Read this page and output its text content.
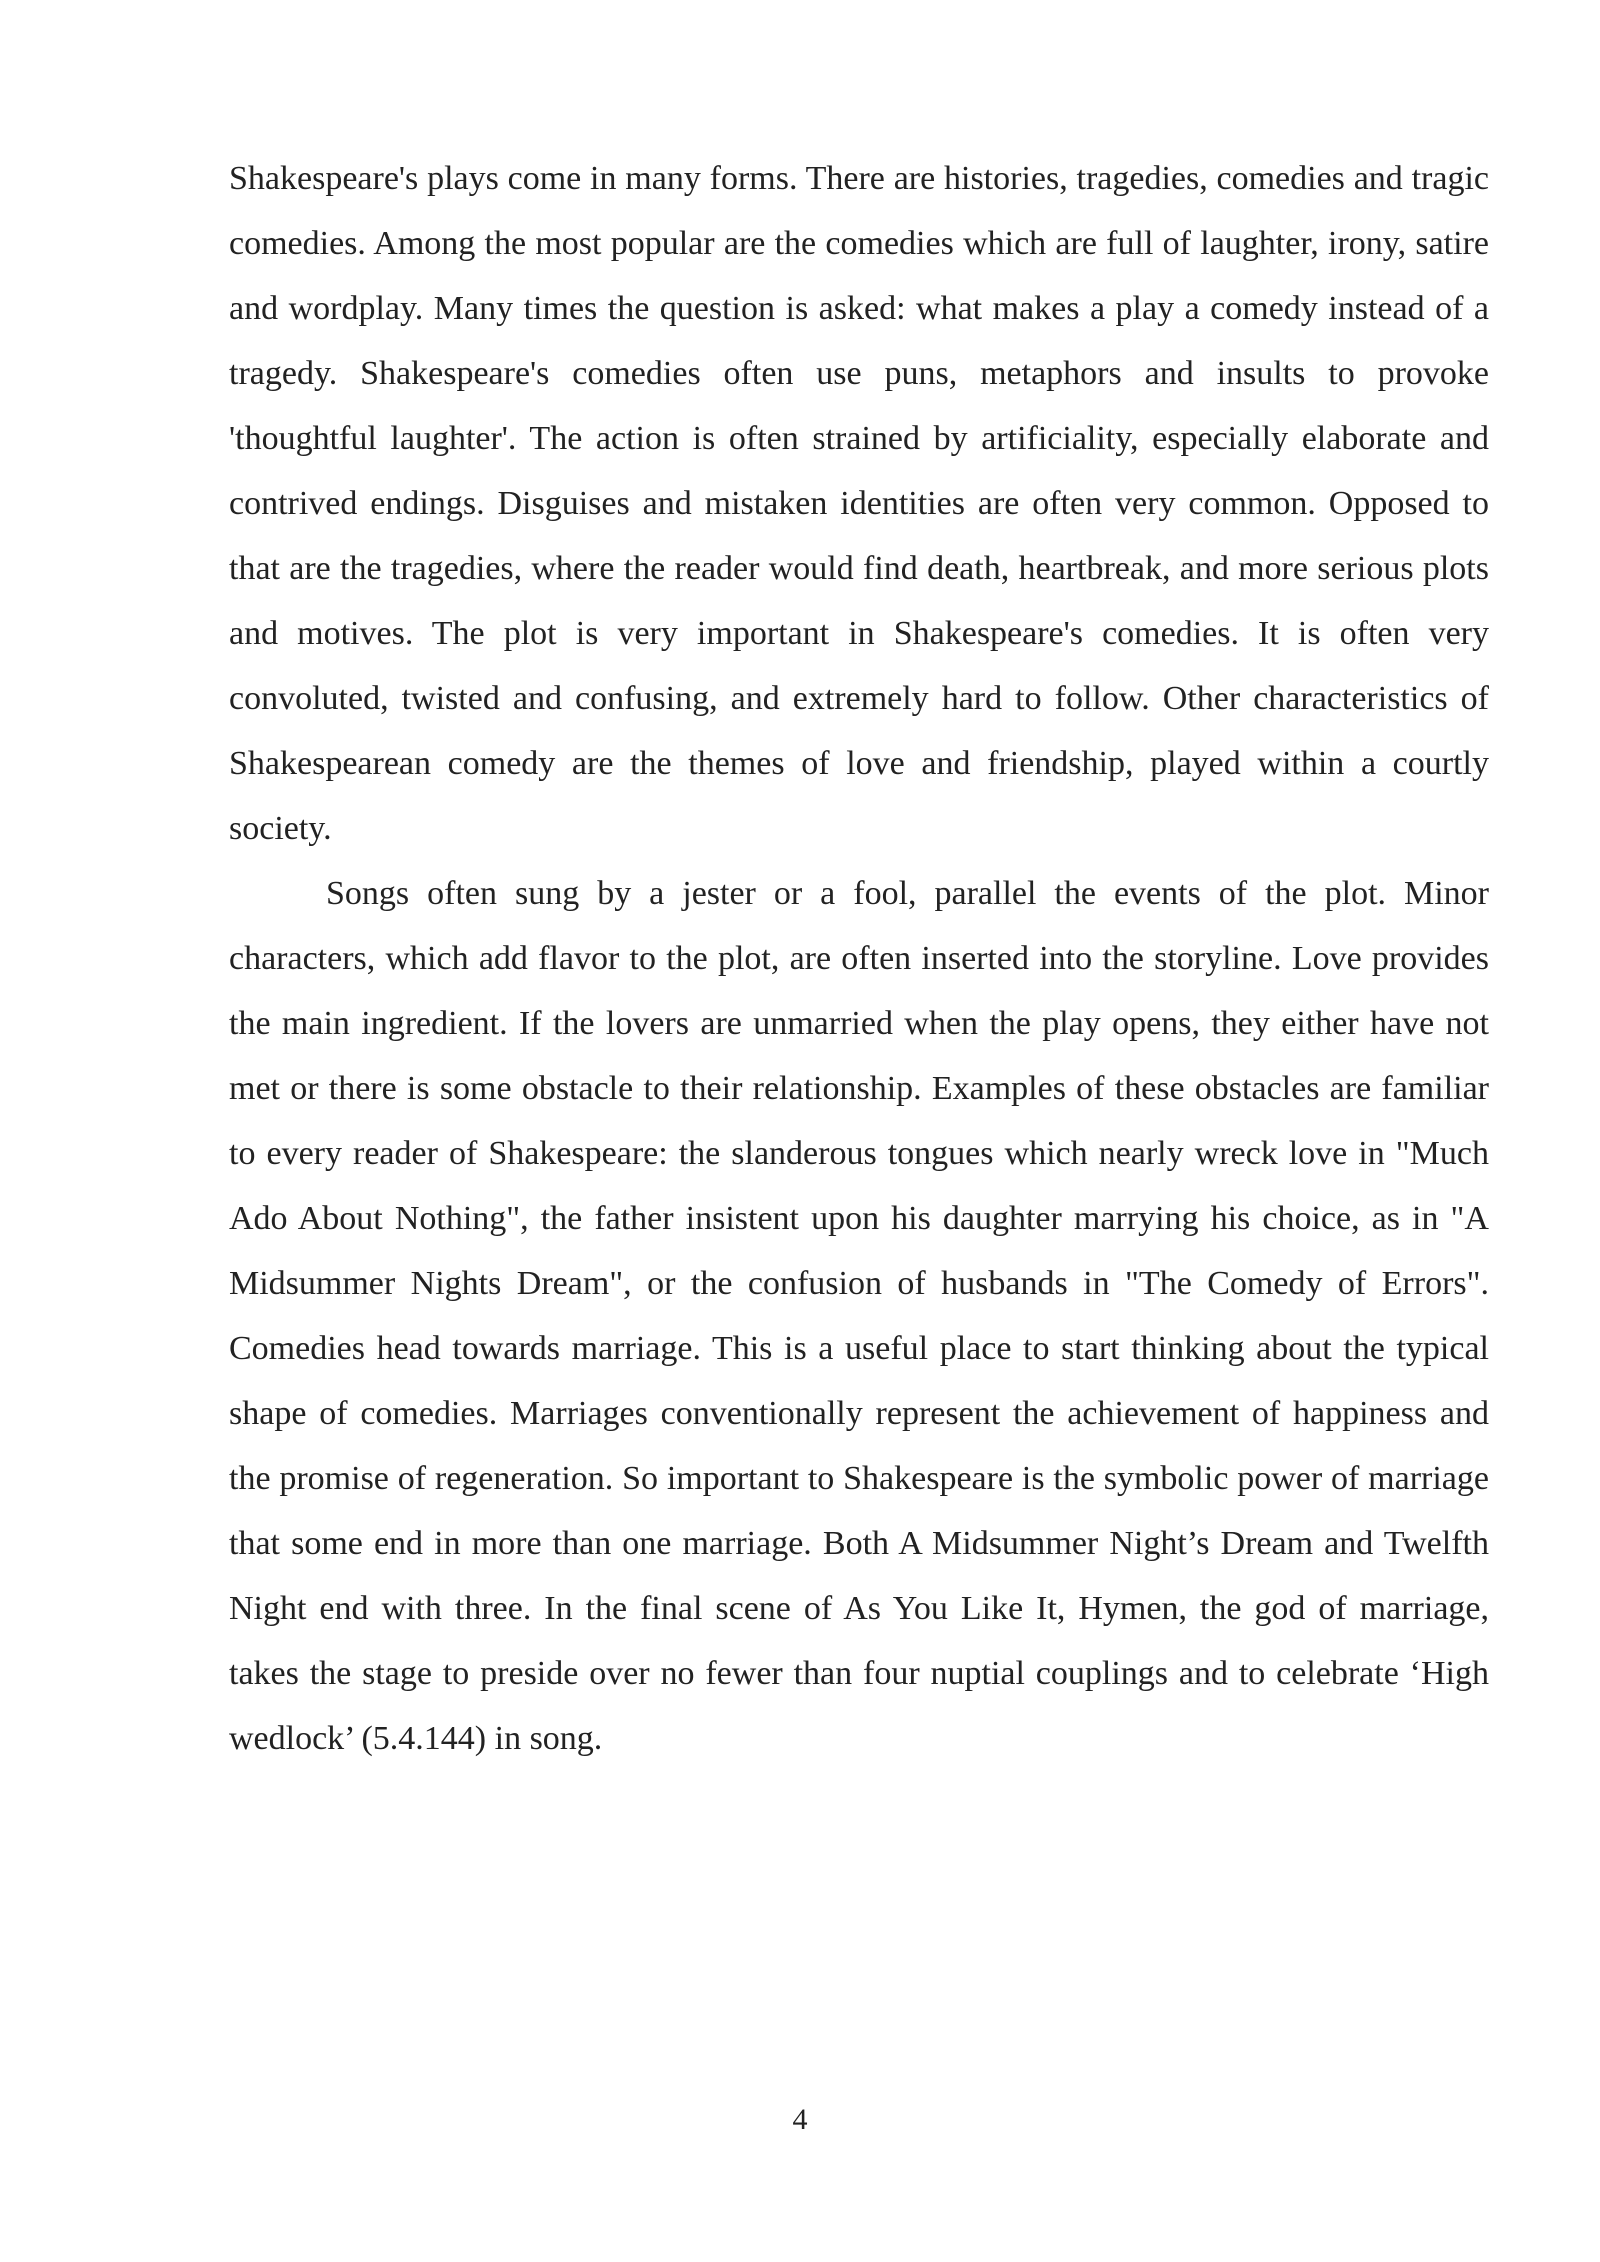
Shakespeare's plays come in many forms. There are histories, tragedies, comedies and tragic comedies. Among the most popular are the comedies which are full of laughter, irony, satire and wordplay. Many times the question is asked: what makes a play a comedy instead of a tragedy. Shakespeare's comedies often use puns, metaphors and insults to provoke 'thoughtful laughter'. The action is often strained by artificiality, especially elaborate and contrived endings. Disguises and mistaken identities are often very common. Opposed to that are the tragedies, where the reader would find death, heartbreak, and more serious plots and motives. The plot is very important in Shakespeare's comedies. It is often very convoluted, twisted and confusing, and extremely hard to follow. Other characteristics of Shakespearean comedy are the themes of love and friendship, played within a courtly society.

Songs often sung by a jester or a fool, parallel the events of the plot. Minor characters, which add flavor to the plot, are often inserted into the storyline. Love provides the main ingredient. If the lovers are unmarried when the play opens, they either have not met or there is some obstacle to their relationship. Examples of these obstacles are familiar to every reader of Shakespeare: the slanderous tongues which nearly wreck love in "Much Ado About Nothing", the father insistent upon his daughter marrying his choice, as in "A Midsummer Nights Dream", or the confusion of husbands in "The Comedy of Errors". Comedies head towards marriage. This is a useful place to start thinking about the typical shape of comedies. Marriages conventionally represent the achievement of happiness and the promise of regeneration. So important to Shakespeare is the symbolic power of marriage that some end in more than one marriage. Both A Midsummer Night’s Dream and Twelfth Night end with three. In the final scene of As You Like It, Hymen, the god of marriage, takes the stage to preside over no fewer than four nuptial couplings and to celebrate ‘High wedlock’ (5.4.144) in song.

4
